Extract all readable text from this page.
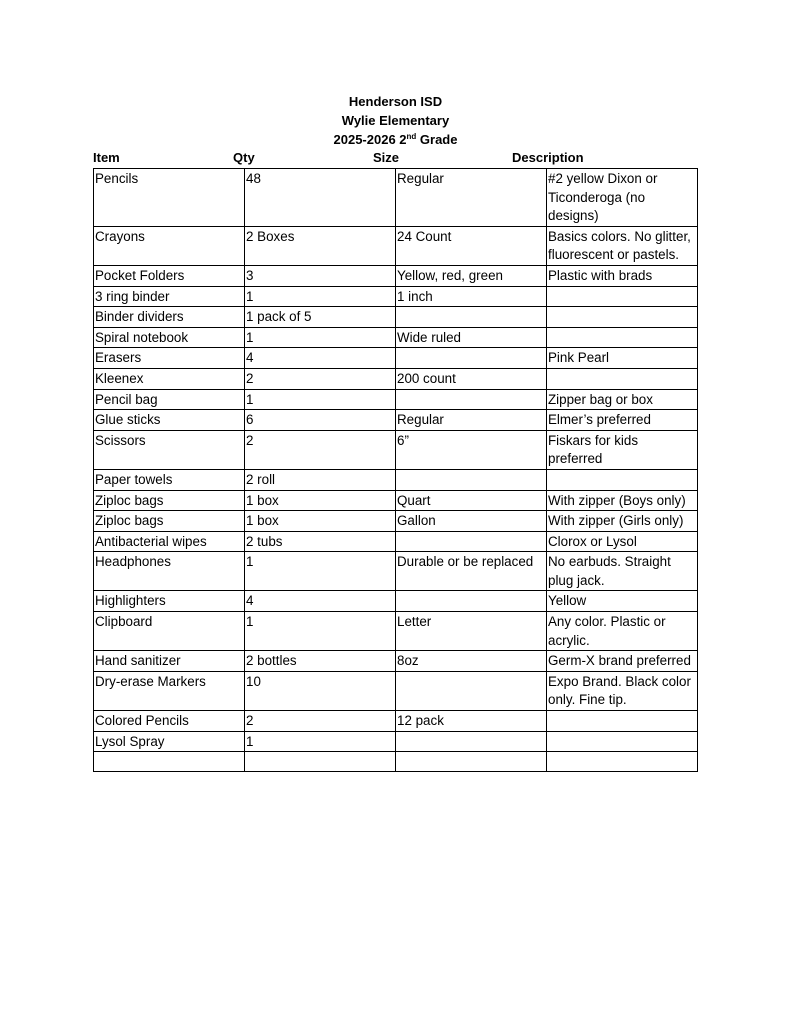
Henderson ISD
Wylie Elementary
2025-2026 2nd Grade
Item	Qty	Size	Description
Pencils	48	Regular	#2 yellow Dixon or Ticonderoga (no designs)
Crayons	2 Boxes	24 Count	Basics colors. No glitter, fluorescent or pastels.
Pocket Folders	3	Yellow, red, green	Plastic with brads
3 ring binder	1	1 inch	
Binder dividers	1 pack of 5		
Spiral notebook	1	Wide ruled	
Erasers	4		Pink Pearl
Kleenex	2	200 count	
Pencil bag	1		Zipper bag or box
Glue sticks	6	Regular	Elmer’s preferred
Scissors	2	6”	Fiskars for kids preferred
Paper towels	2 roll		
Ziploc bags	1 box	Quart	With zipper (Boys only)
Ziploc bags	1 box	Gallon	With zipper (Girls only)
Antibacterial wipes	2 tubs		Clorox or Lysol
Headphones	1	Durable or be replaced	No earbuds. Straight plug jack.
Highlighters	4		Yellow
Clipboard	1	Letter	Any color. Plastic or acrylic.
Hand sanitizer	2 bottles	8oz	Germ-X brand preferred
Dry-erase Markers	10		Expo Brand. Black color only. Fine tip.
Colored Pencils	2	12 pack	
Lysol Spray	1		
